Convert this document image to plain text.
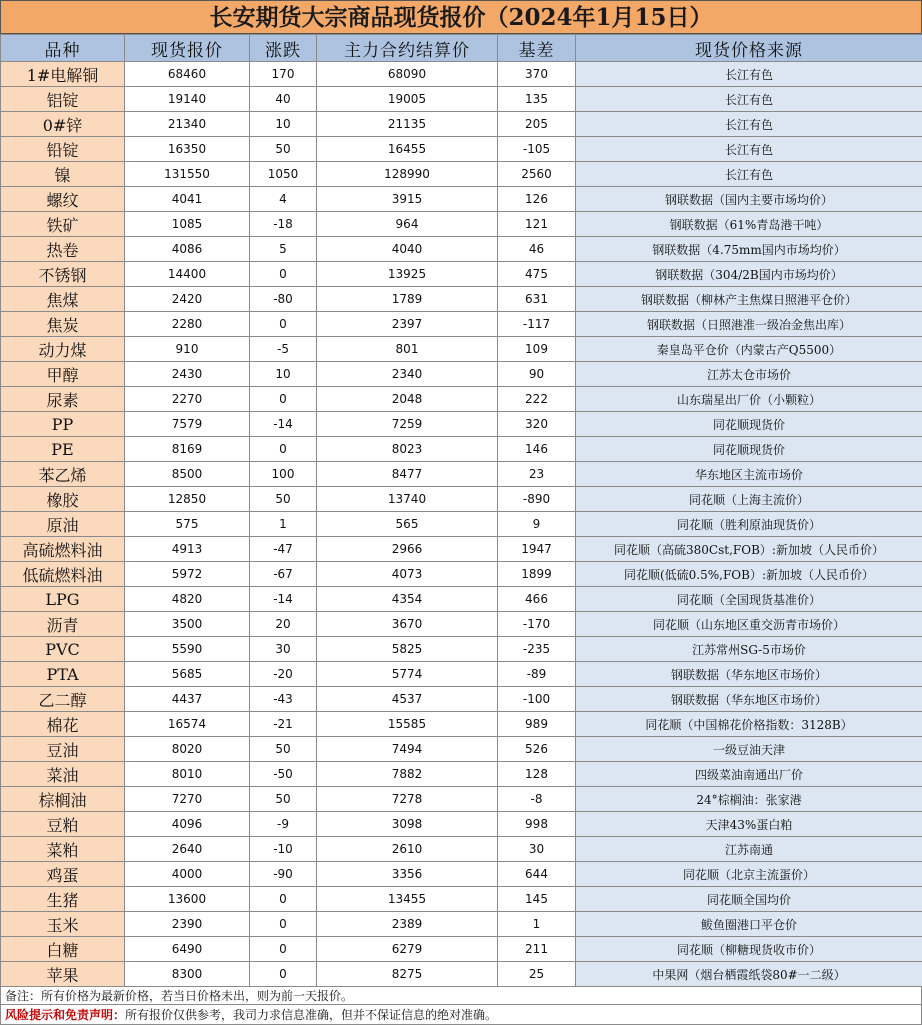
长安期货大宗商品现货报价（2024年1月15日）
品种	现货报价	涨跌	主力合约结算价	基差	现货价格来源
1#电解铜	68460	170	68090	370	长江有色
铝锭	19140	40	19005	135	长江有色
0#锌	21340	10	21135	205	长江有色
铅锭	16350	50	16455	-105	长江有色
镍	131550	1050	128990	2560	长江有色
螺纹	4041	4	3915	126	钢联数据（国内主要市场均价）
铁矿	1085	-18	964	121	钢联数据（61%青岛港干吨）
热卷	4086	5	4040	46	钢联数据（4.75mm国内市场均价）
不锈钢	14400	0	13925	475	钢联数据（304/2B国内市场均价）
焦煤	2420	-80	1789	631	钢联数据（柳林产主焦煤日照港平仓价）
焦炭	2280	0	2397	-117	钢联数据（日照港准一级冶金焦出库）
动力煤	910	-5	801	109	秦皇岛平仓价（内蒙古产Q5500）
甲醇	2430	10	2340	90	江苏太仓市场价
尿素	2270	0	2048	222	山东瑞星出厂价（小颗粒）
PP	7579	-14	7259	320	同花顺现货价
PE	8169	0	8023	146	同花顺现货价
苯乙烯	8500	100	8477	23	华东地区主流市场价
橡胶	12850	50	13740	-890	同花顺（上海主流价）
原油	575	1	565	9	同花顺（胜利原油现货价）
高硫燃料油	4913	-47	2966	1947	同花顺（高硫380Cst,FOB）:新加坡（人民币价）
低硫燃料油	5972	-67	4073	1899	同花顺(低硫0.5%,FOB）:新加坡（人民币价）
LPG	4820	-14	4354	466	同花顺（全国现货基准价）
沥青	3500	20	3670	-170	同花顺（山东地区重交沥青市场价）
PVC	5590	30	5825	-235	江苏常州SG-5市场价
PTA	5685	-20	5774	-89	钢联数据（华东地区市场价）
乙二醇	4437	-43	4537	-100	钢联数据（华东地区市场价）
棉花	16574	-21	15585	989	同花顺（中国棉花价格指数：3128B）
豆油	8020	50	7494	526	一级豆油天津
菜油	8010	-50	7882	128	四级菜油南通出厂价
棕榈油	7270	50	7278	-8	24°棕榈油：张家港
豆粕	4096	-9	3098	998	天津43%蛋白粕
菜粕	2640	-10	2610	30	江苏南通
鸡蛋	4000	-90	3356	644	同花顺（北京主流蛋价）
生猪	13600	0	13455	145	同花顺全国均价
玉米	2390	0	2389	1	鲅鱼圈港口平仓价
白糖	6490	0	6279	211	同花顺（柳糖现货收市价）
苹果	8300	0	8275	25	中果网（烟台栖霞纸袋80#一二级）
备注：所有价格为最新价格，若当日价格未出，则为前一天报价。
风险提示和免责声明：所有报价仅供参考，我司力求信息准确，但并不保证信息的绝对准确。
